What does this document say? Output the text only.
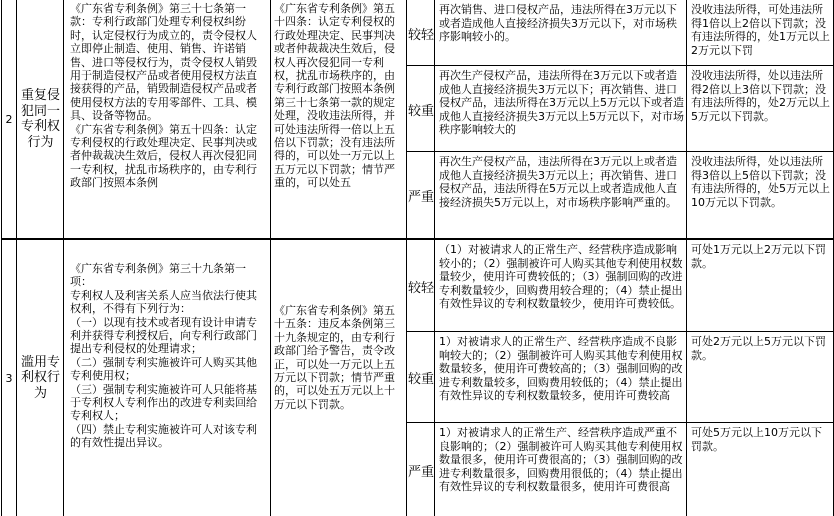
2
重复侵犯同一专利权行为
《广东省专利条例》第三十七条第一款：专利行政部门处理专利侵权纠纷时，认定侵权行为成立的，责令侵权人立即停止制造、使用、销售、许诺销售、进口等侵权行为，责令侵权人销毁用于制造侵权产品或者使用侵权方法直接获得的产品，销毁制造侵权产品或者使用侵权方法的专用零部件、工具、模具、设备等物品。
《广东省专利条例》第五十四条：认定专利侵权的行政处理决定、民事判决或者仲裁裁决生效后，侵权人再次侵犯同一专利权，扰乱市场秩序的，由专利行政部门按照本条例
《广东省专利条例》第五十四条：认定专利侵权的行政处理决定、民事判决或者仲裁裁决生效后，侵权人再次侵犯同一专利权，扰乱市场秩序的，由专利行政部门按照本条例第三十七条第一款的规定处理，没收违法所得，并可处违法所得一倍以上五倍以下罚款；没有违法所得的，可以处一万元以上五万元以下罚款；情节严重的，可以处五
较轻
再次销售、进口侵权产品，违法所得在3万元以下或者造成他人直接经济损失3万元以下，对市场秩序影响较小的。
没收违法所得，可处违法所得1倍以上2倍以下罚款；没有违法所得的，处1万元以上2万元以下罚
较重
再次生产侵权产品，违法所得在3万元以下或者造成他人直接经济损失3万元以下；再次销售、进口侵权产品，违法所得在3万元以上5万元以下或者造成他人直接经济损失3万元以上5万元以下，对市场秩序影响较大的
没收违法所得，处以违法所得2倍以上3倍以下罚款；没有违法所得的，处2万元以上5万元以下罚款。
严重
再次生产侵权产品，违法所得在3万元以上或者造成他人直接经济损失3万元以上；再次销售、进口侵权产品，违法所得在5万元以上或者造成他人直接经济损失5万元以上，对市场秩序影响严重的。
没收违法所得，处以违法所得3倍以上5倍以下罚款；没有违法所得的，处5万元以上10万元以下罚款。
3
滥用专利权行为
《广东省专利条例》第三十九条第一项：
专利权人及利害关系人应当依法行使其权利，不得有下列行为：
（一）以现有技术或者现有设计申请专利并获得专利授权后，向专利行政部门提出专利侵权的处理请求；
（二）强制专利实施被许可人购买其他专利使用权；
（三）强制专利实施被许可人只能将基于专利权人专利作出的改进专利卖回给专利权人；
（四）禁止专利实施被许可人对该专利的有效性提出异议。
《广东省专利条例》第五十五条：违反本条例第三十九条规定的，由专利行政部门给予警告，责令改正，可以处一万元以上五万元以下罚款；情节严重的，可以处五万元以上十万元以下罚款。
较轻
（1）对被请求人的正常生产、经营秩序造成影响较小的；（2）强制被许可人购买其他专利使用权数量较少，使用许可费较低的；（3）强制回购的改进专利数量较少，回购费用较合理的；（4）禁止提出有效性异议的专利权数量较少，使用许可费较低。
可处1万元以上2万元以下罚款。
较重
1）对被请求人的正常生产、经营秩序造成不良影响较大的；（2）强制被许可人购买其他专利使用权数量较多，使用许可费较高的；（3）强制回购的改进专利数量较多，回购费用较低的；（4）禁止提出有效性异议的专利权数量较多，使用许可费较高
可处2万元以上5万元以下罚款。
严重
1）对被请求人的正常生产、经营秩序造成严重不良影响的；（2）强制被许可人购买其他专利使用权数量很多，使用许可费很高的；（3）强制回购的改进专利数量很多，回购费用很低的；（4）禁止提出有效性异议的专利权数量很多，使用许可费很高
可处5万元以上10万元以下罚款。
